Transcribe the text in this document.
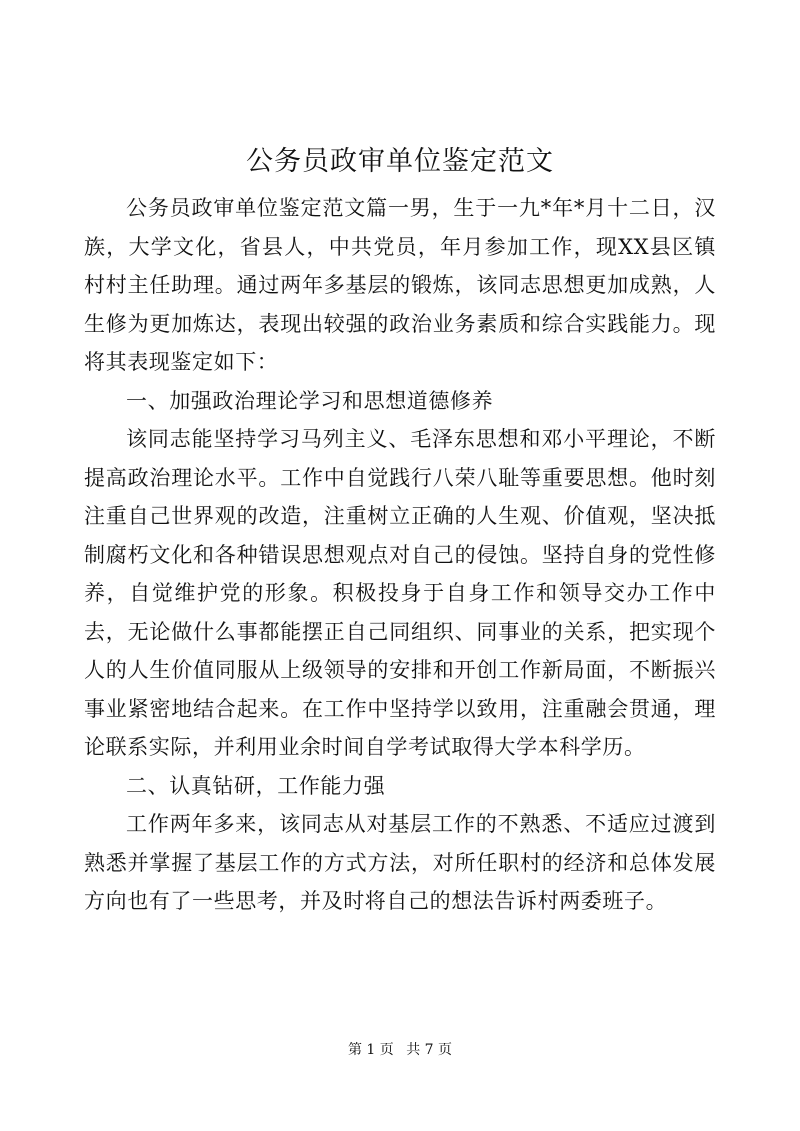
公务员政审单位鉴定范文

公务员政审单位鉴定范文篇一男，生于一九*年*月十二日，汉族，大学文化，省县人，中共党员，年月参加工作，现XX县区镇村村主任助理。通过两年多基层的锻炼，该同志思想更加成熟，人生修为更加炼达，表现出较强的政治业务素质和综合实践能力。现将其表现鉴定如下：

一、加强政治理论学习和思想道德修养

该同志能坚持学习马列主义、毛泽东思想和邓小平理论，不断提高政治理论水平。工作中自觉践行八荣八耻等重要思想。他时刻注重自己世界观的改造，注重树立正确的人生观、价值观，坚决抵制腐朽文化和各种错误思想观点对自己的侵蚀。坚持自身的党性修养，自觉维护党的形象。积极投身于自身工作和领导交办工作中去，无论做什么事都能摆正自己同组织、同事业的关系，把实现个人的人生价值同服从上级领导的安排和开创工作新局面，不断振兴事业紧密地结合起来。在工作中坚持学以致用，注重融会贯通，理论联系实际，并利用业余时间自学考试取得大学本科学历。

二、认真钻研，工作能力强

工作两年多来，该同志从对基层工作的不熟悉、不适应过渡到熟悉并掌握了基层工作的方式方法，对所任职村的经济和总体发展方向也有了一些思考，并及时将自己的想法告诉村两委班子。

第 1 页 共 7 页
